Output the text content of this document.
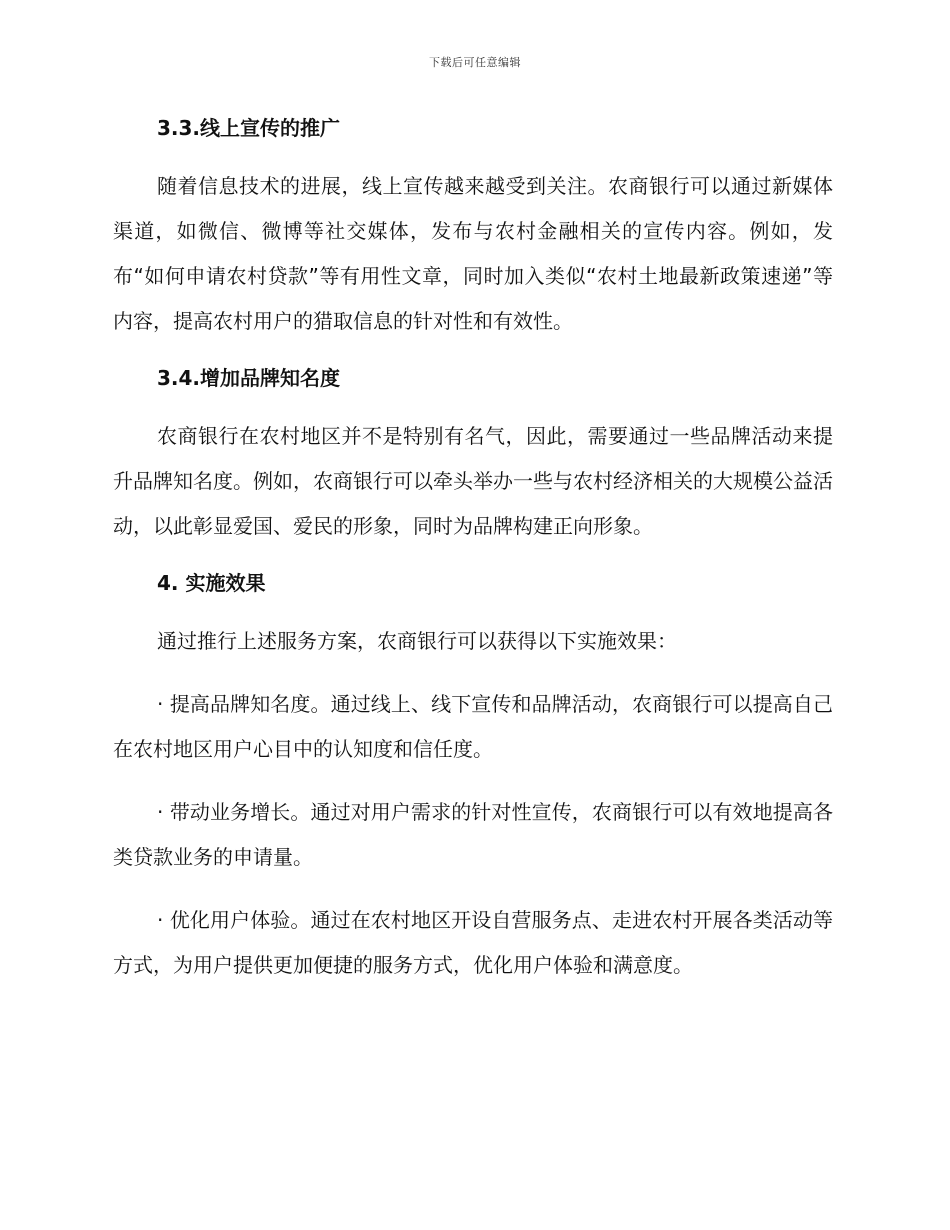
下载后可任意编辑
3.3.线上宣传的推广

随着信息技术的进展，线上宣传越来越受到关注。农商银行可以通过新媒体渠道，如微信、微博等社交媒体，发布与农村金融相关的宣传内容。例如，发布“如何申请农村贷款”等有用性文章，同时加入类似“农村土地最新政策速递”等内容，提高农村用户的猎取信息的针对性和有效性。

3.4.增加品牌知名度

农商银行在农村地区并不是特别有名气，因此，需要通过一些品牌活动来提升品牌知名度。例如，农商银行可以牵头举办一些与农村经济相关的大规模公益活动，以此彰显爱国、爱民的形象，同时为品牌构建正向形象。

4. 实施效果

通过推行上述服务方案，农商银行可以获得以下实施效果：

· 提高品牌知名度。通过线上、线下宣传和品牌活动，农商银行可以提高自己在农村地区用户心目中的认知度和信任度。

· 带动业务增长。通过对用户需求的针对性宣传，农商银行可以有效地提高各类贷款业务的申请量。

· 优化用户体验。通过在农村地区开设自营服务点、走进农村开展各类活动等方式，为用户提供更加便捷的服务方式，优化用户体验和满意度。
